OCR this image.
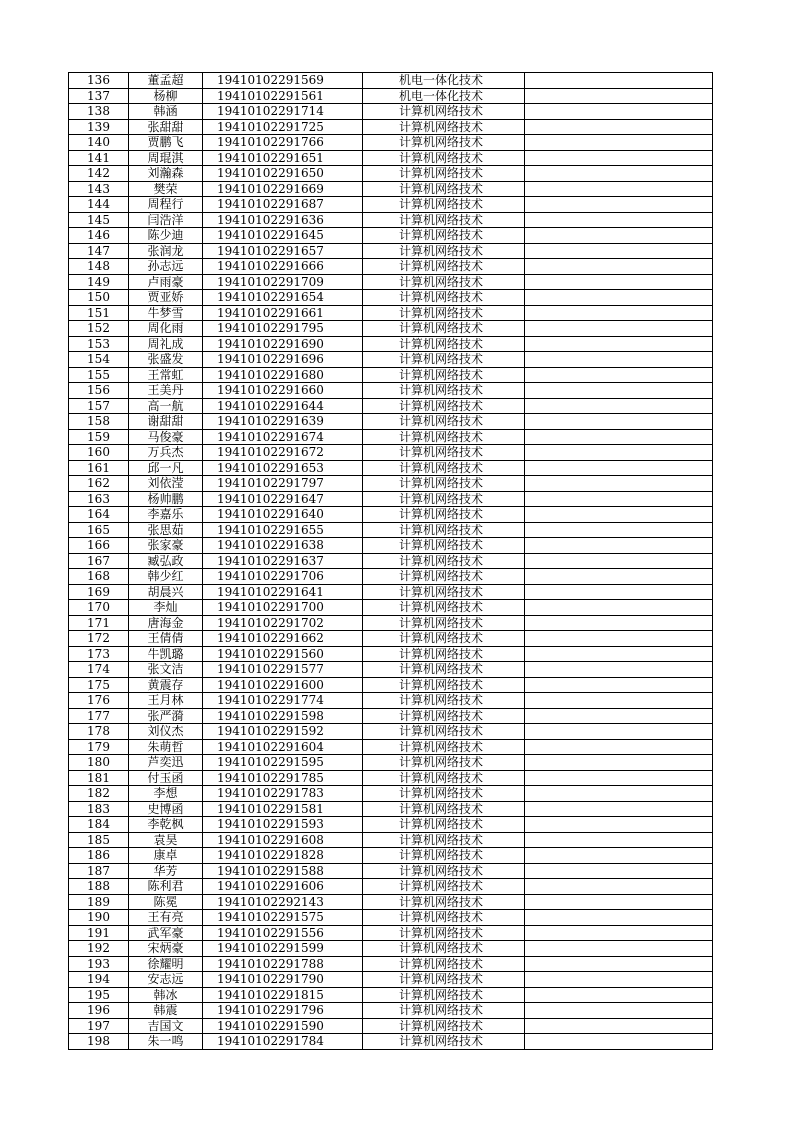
136	董孟超	19410102291569	机电一体化技术	
137	杨柳	19410102291561	机电一体化技术	
138	韩涵	19410102291714	计算机网络技术	
139	张甜甜	19410102291725	计算机网络技术	
140	贾鹏飞	19410102291766	计算机网络技术	
141	周琨淇	19410102291651	计算机网络技术	
142	刘瀚森	19410102291650	计算机网络技术	
143	樊荣	19410102291669	计算机网络技术	
144	周程行	19410102291687	计算机网络技术	
145	闫浩洋	19410102291636	计算机网络技术	
146	陈少迪	19410102291645	计算机网络技术	
147	张润龙	19410102291657	计算机网络技术	
148	孙志远	19410102291666	计算机网络技术	
149	卢雨豪	19410102291709	计算机网络技术	
150	贾亚娇	19410102291654	计算机网络技术	
151	牛梦雪	19410102291661	计算机网络技术	
152	周化雨	19410102291795	计算机网络技术	
153	周礼成	19410102291690	计算机网络技术	
154	张盛发	19410102291696	计算机网络技术	
155	王常虹	19410102291680	计算机网络技术	
156	王美丹	19410102291660	计算机网络技术	
157	高一航	19410102291644	计算机网络技术	
158	谢甜甜	19410102291639	计算机网络技术	
159	马俊豪	19410102291674	计算机网络技术	
160	万兵杰	19410102291672	计算机网络技术	
161	邱一凡	19410102291653	计算机网络技术	
162	刘依滢	19410102291797	计算机网络技术	
163	杨帅鹏	19410102291647	计算机网络技术	
164	李嘉乐	19410102291640	计算机网络技术	
165	张思茹	19410102291655	计算机网络技术	
166	张家豪	19410102291638	计算机网络技术	
167	臧弘政	19410102291637	计算机网络技术	
168	韩少红	19410102291706	计算机网络技术	
169	胡晨兴	19410102291641	计算机网络技术	
170	李灿	19410102291700	计算机网络技术	
171	唐海金	19410102291702	计算机网络技术	
172	王倩倩	19410102291662	计算机网络技术	
173	牛凯璐	19410102291560	计算机网络技术	
174	张文洁	19410102291577	计算机网络技术	
175	黄震存	19410102291600	计算机网络技术	
176	王月林	19410102291774	计算机网络技术	
177	张严漪	19410102291598	计算机网络技术	
178	刘仪杰	19410102291592	计算机网络技术	
179	朱萌哲	19410102291604	计算机网络技术	
180	芦奕迅	19410102291595	计算机网络技术	
181	付玉函	19410102291785	计算机网络技术	
182	李想	19410102291783	计算机网络技术	
183	史博函	19410102291581	计算机网络技术	
184	李乾枫	19410102291593	计算机网络技术	
185	袁昊	19410102291608	计算机网络技术	
186	康卓	19410102291828	计算机网络技术	
187	华芳	19410102291588	计算机网络技术	
188	陈利君	19410102291606	计算机网络技术	
189	陈冕	19410102292143	计算机网络技术	
190	王有亮	19410102291575	计算机网络技术	
191	武军豪	19410102291556	计算机网络技术	
192	宋炳豪	19410102291599	计算机网络技术	
193	徐耀明	19410102291788	计算机网络技术	
194	安志远	19410102291790	计算机网络技术	
195	韩冰	19410102291815	计算机网络技术	
196	韩震	19410102291796	计算机网络技术	
197	吉国文	19410102291590	计算机网络技术	
198	朱一鸣	19410102291784	计算机网络技术	
